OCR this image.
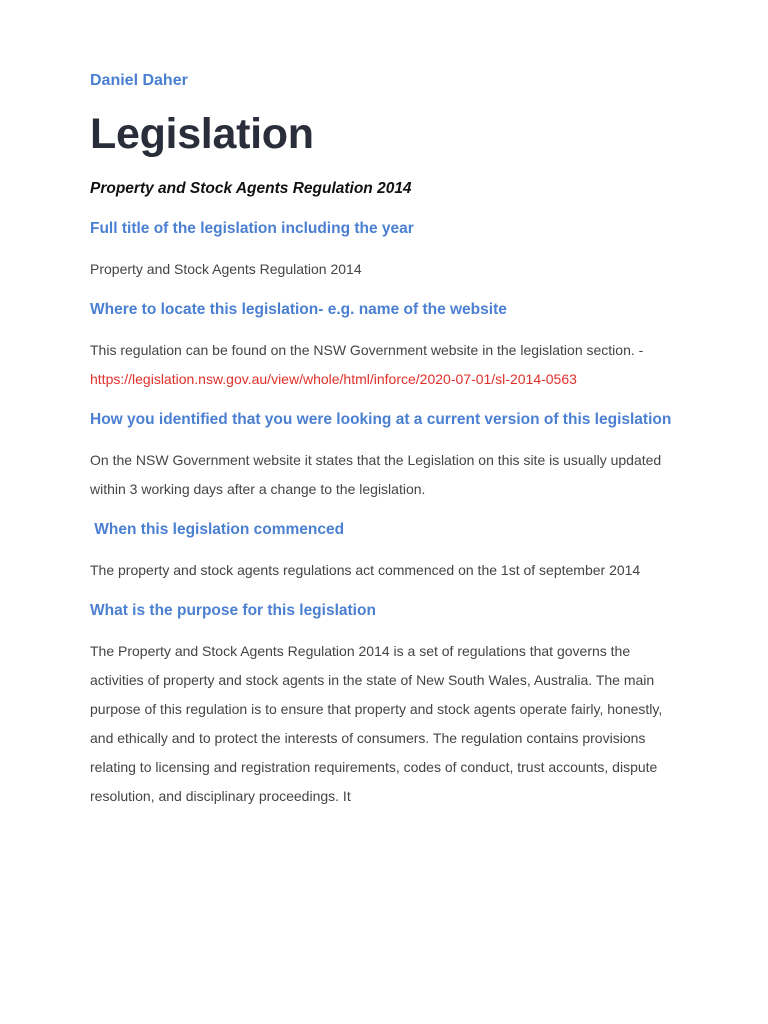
Daniel Daher

Legislation

Property and Stock Agents Regulation 2014

Full title of the legislation including the year

Property and Stock Agents Regulation 2014

Where to locate this legislation- e.g. name of the website

This regulation can be found on the NSW Government website in the legislation section. -

https://legislation.nsw.gov.au/view/whole/html/inforce/2020-07-01/sl-2014-0563
How you identified that you were looking at a current version of this legislation

On the NSW Government website it states that the Legislation on this site is usually updated within 3 working days after a change to the legislation.

When this legislation commenced

The property and stock agents regulations act commenced on the 1st of september 2014

What is the purpose for this legislation

The Property and Stock Agents Regulation 2014 is a set of regulations that governs the activities of property and stock agents in the state of New South Wales, Australia. The main purpose of this regulation is to ensure that property and stock agents operate fairly, honestly, and ethically and to protect the interests of consumers. The regulation contains provisions relating to licensing and registration requirements, codes of conduct, trust accounts, dispute resolution, and disciplinary proceedings. It
